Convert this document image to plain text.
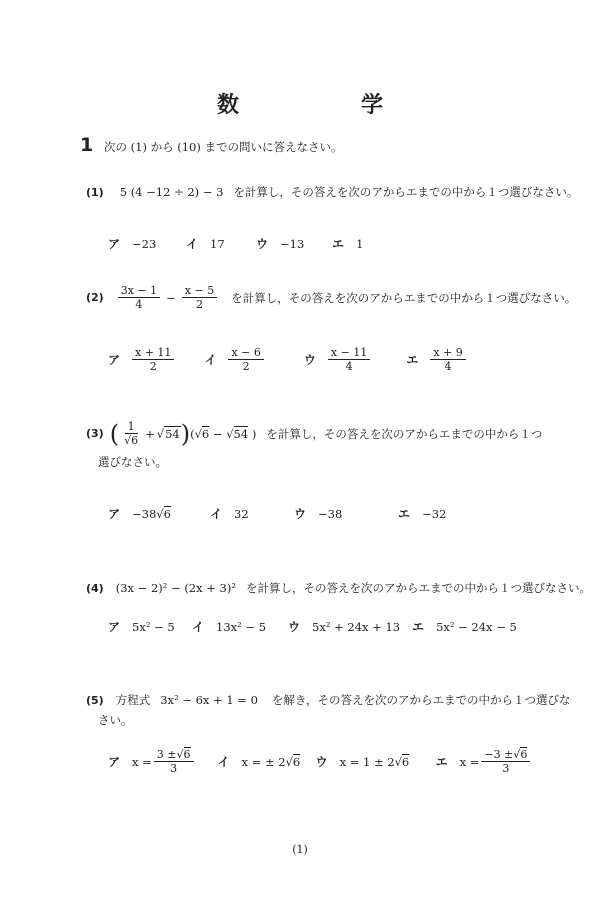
数　学
1 次の (1) から (10) までの問いに答えなさい。
(1) 5 (4 −12 ÷ 2) − 3 を計算し，その答えを次のアからエまでの中から１つ選びなさい。
ア −23	イ 17	ウ −13	エ 1
$(2) \frac{3x - 1}{4} - \frac{x - 5}{2}$ を計算し，その答えを次のアからエまでの中から１つ選びなさい。
ア $\frac{x + 11}{2}$	イ $\frac{x - 6}{2}$	ウ $\frac{x - 11}{4}$	エ $\frac{x + 9}{4}$
(3) ( $\frac{1}{√6} + √54$ ) (√6 − √54 ) を計算し，その答えを次のアからエまでの中から１つ
選びなさい。
ア −38√6	イ 32	ウ −38	エ −32
(4) (3x − 2)² − (2x + 3)² を計算し，その答えを次のアからエまでの中から１つ選びなさい。
ア 5x² − 5	イ 13x² − 5	ウ 5x² + 24x + 13 エ 5x² − 24x − 5
(5) 方程式 3x² − 6x + 1 = 0 を解き，その答えを次のアからエまでの中から１つ選びな
さい。
ア $x = \frac{3 \pm√6}{3}$ イ x = ± 2√6	ウ x = 1 ± 2√6	エ $x = \frac{-3 \pm√6}{3}$
(1)
